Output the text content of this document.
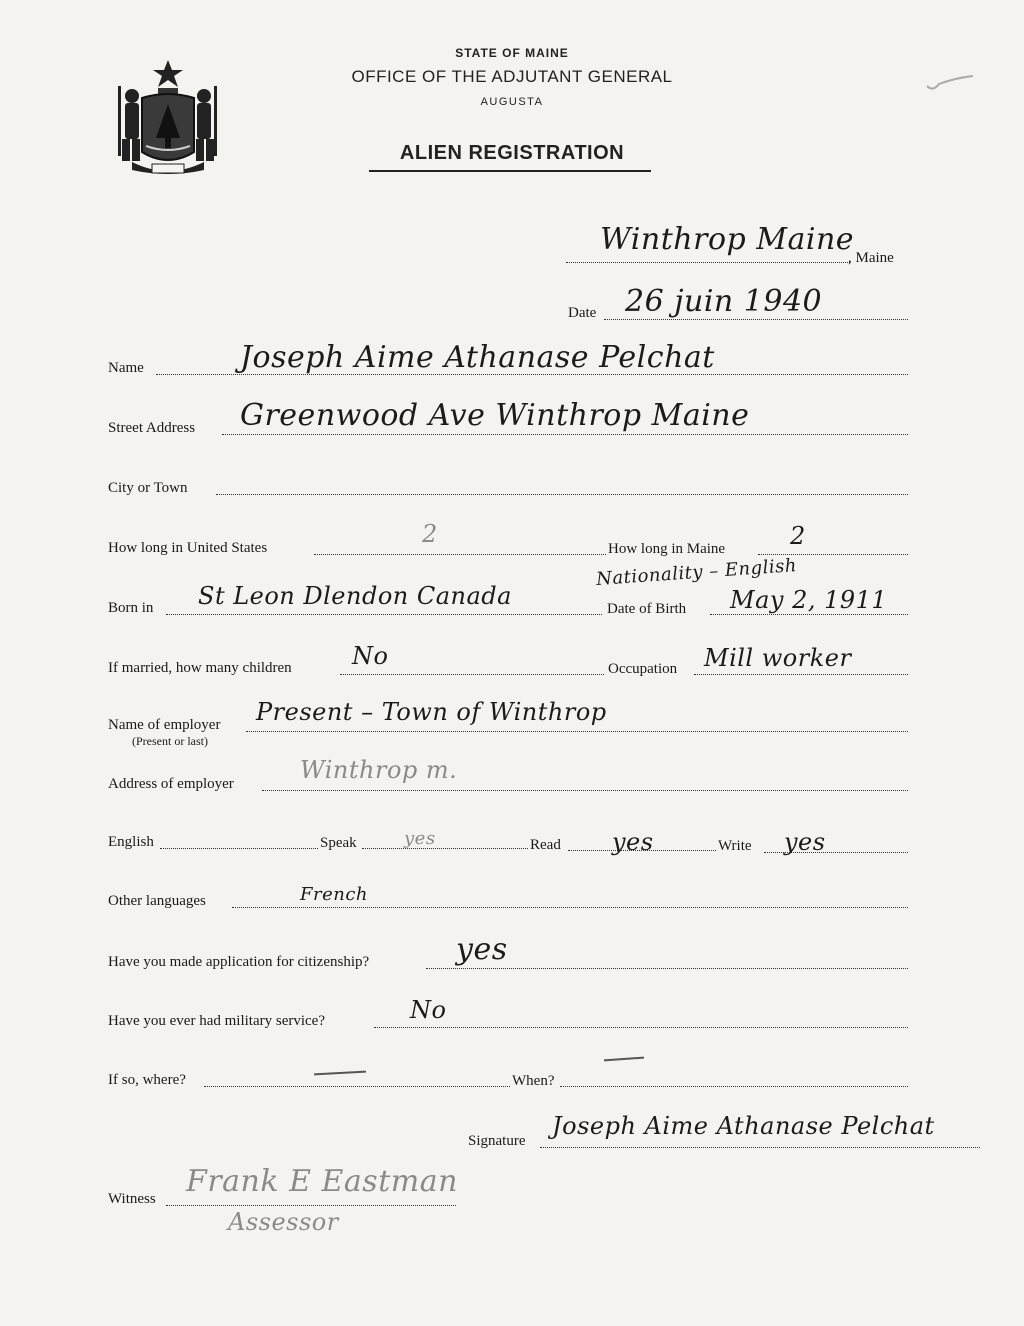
STATE OF MAINE
OFFICE OF THE ADJUTANT GENERAL
AUGUSTA
ALIEN REGISTRATION
Winthrop Maine
, Maine
Date 26 juin 1940
Name	Joseph Aime Athanase Pelchat
Street Address Greenwood Ave Winthrop Maine
City or Town
How long in United States	2
How long in Maine	2
Nationality – English
Born in St Leon Dlendon Canada	Date of Birth May 2, 1911
If married, how many children	No	Occupation Mill worker
Name of employer
(Present or last)
Present – Town of Winthrop
Address of employer	Winthrop m.
English	Speak	yes	Read yes	Write yes
Other languages	French
Have you made application for citizenship?	yes
Have you ever had military service?	No
If so, where?	When?
Signature
Joseph Aime Athanase Pelchat
Witness Frank E Eastman
Assessor
